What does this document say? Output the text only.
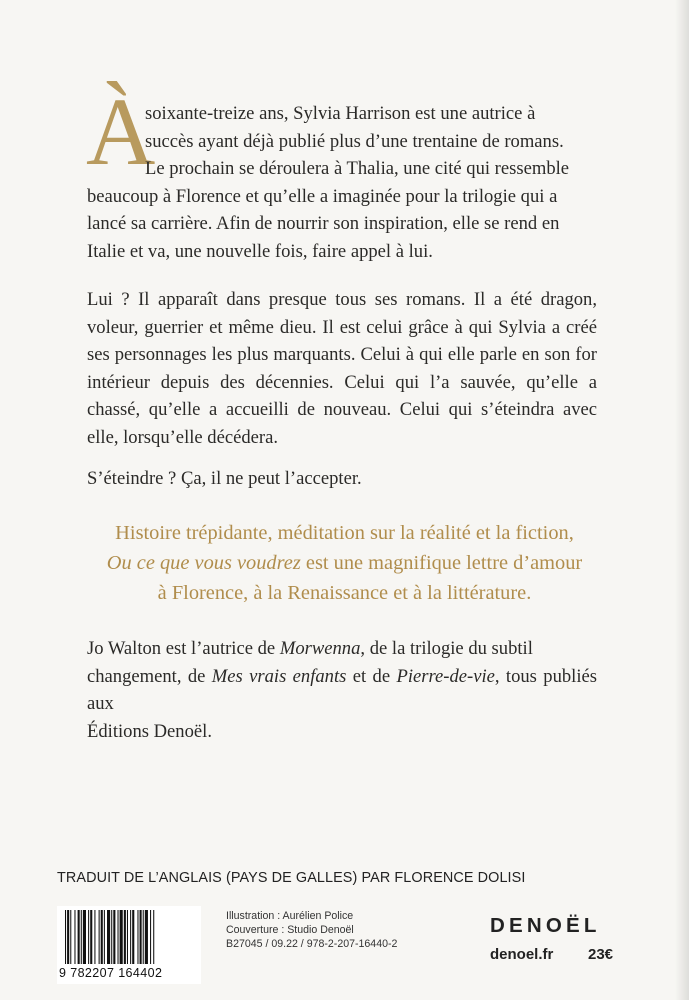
À

soixante-treize ans, Sylvia Harrison est une autrice à
succès ayant déjà publié plus d’une trentaine de romans.
Le prochain se déroulera à Thalia, une cité qui ressemble
beaucoup à Florence et qu’elle a imaginée pour la trilogie qui a
lancé sa carrière. Afin de nourrir son inspiration, elle se rend en
Italie et va, une nouvelle fois, faire appel à lui.

Lui ? Il apparaît dans presque tous ses romans. Il a été dragon, voleur, guerrier et même dieu. Il est celui grâce à qui Sylvia a créé ses personnages les plus marquants. Celui à qui elle parle en son for intérieur depuis des décennies. Celui qui l’a sauvée, qu’elle a chassé, qu’elle a accueilli de nouveau. Celui qui s’éteindra avec elle, lorsqu’elle décédera.

S’éteindre ? Ça, il ne peut l’accepter.

Histoire trépidante, méditation sur la réalité et la fiction,
Ou ce que vous voudrez est une magnifique lettre d’amour
à Florence, à la Renaissance et à la littérature.

Jo Walton est l’autrice de Morwenna, de la trilogie du subtil
changement, de Mes vrais enfants et de Pierre-de-vie, tous publiés aux
Éditions Denoël.

TRADUIT DE L’ANGLAIS (PAYS DE GALLES) PAR FLORENCE DOLISI
9 782207 164402
Illustration : Aurélien Police
Couverture : Studio Denoël
B27045 / 09.22 / 978-2-207-16440-2
DENOËL
denoel.fr 23€
